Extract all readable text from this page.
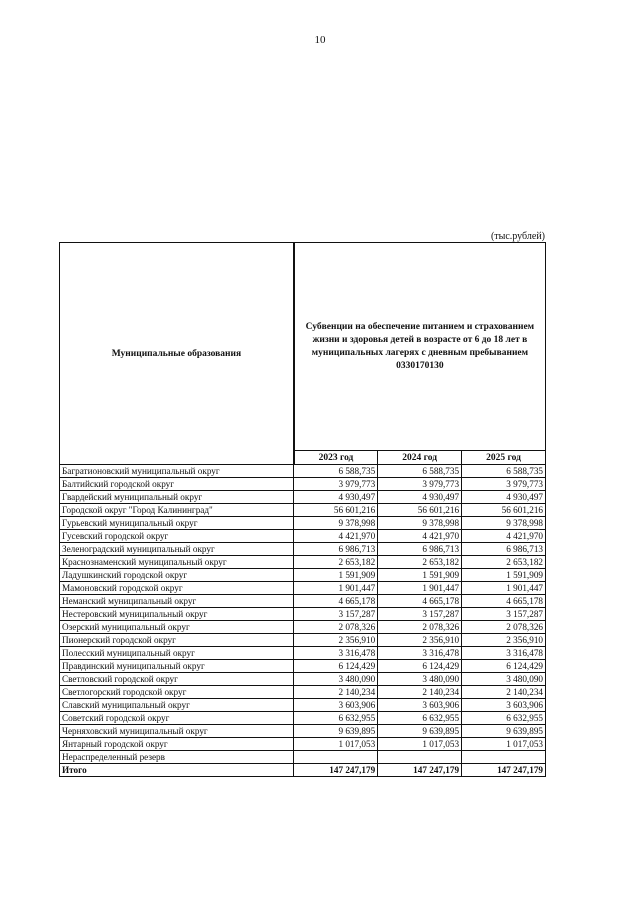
10
(тыс.рублей)
Муниципальные образования	Субвенции на обеспечение питанием и страхованием жизни и здоровья детей в возрасте от 6 до 18 лет в муниципальных лагерях с дневным пребыванием 0330170130		
	2023 год	2024 год	2025 год
Багратионовский муниципальный округ	6 588,735	6 588,735	6 588,735
Балтийский городской округ	3 979,773	3 979,773	3 979,773
Гвардейский муниципальный округ	4 930,497	4 930,497	4 930,497
Городской округ "Город Калининград"	56 601,216	56 601,216	56 601,216
Гурьевский муниципальный округ	9 378,998	9 378,998	9 378,998
Гусевский городской округ	4 421,970	4 421,970	4 421,970
Зеленоградский муниципальный округ	6 986,713	6 986,713	6 986,713
Краснознаменский муниципальный округ	2 653,182	2 653,182	2 653,182
Ладушкинский городской округ	1 591,909	1 591,909	1 591,909
Мамоновский городской округ	1 901,447	1 901,447	1 901,447
Неманский муниципальный округ	4 665,178	4 665,178	4 665,178
Нестеровский муниципальный округ	3 157,287	3 157,287	3 157,287
Озерский муниципальный округ	2 078,326	2 078,326	2 078,326
Пионерский городской округ	2 356,910	2 356,910	2 356,910
Полесский муниципальный округ	3 316,478	3 316,478	3 316,478
Правдинский муниципальный округ	6 124,429	6 124,429	6 124,429
Светловский городской округ	3 480,090	3 480,090	3 480,090
Светлогорский городской округ	2 140,234	2 140,234	2 140,234
Славский муниципальный округ	3 603,906	3 603,906	3 603,906
Советский городской округ	6 632,955	6 632,955	6 632,955
Черняховский муниципальный округ	9 639,895	9 639,895	9 639,895
Янтарный городской округ	1 017,053	1 017,053	1 017,053
Нераспределенный резерв			
Итого	147 247,179	147 247,179	147 247,179
